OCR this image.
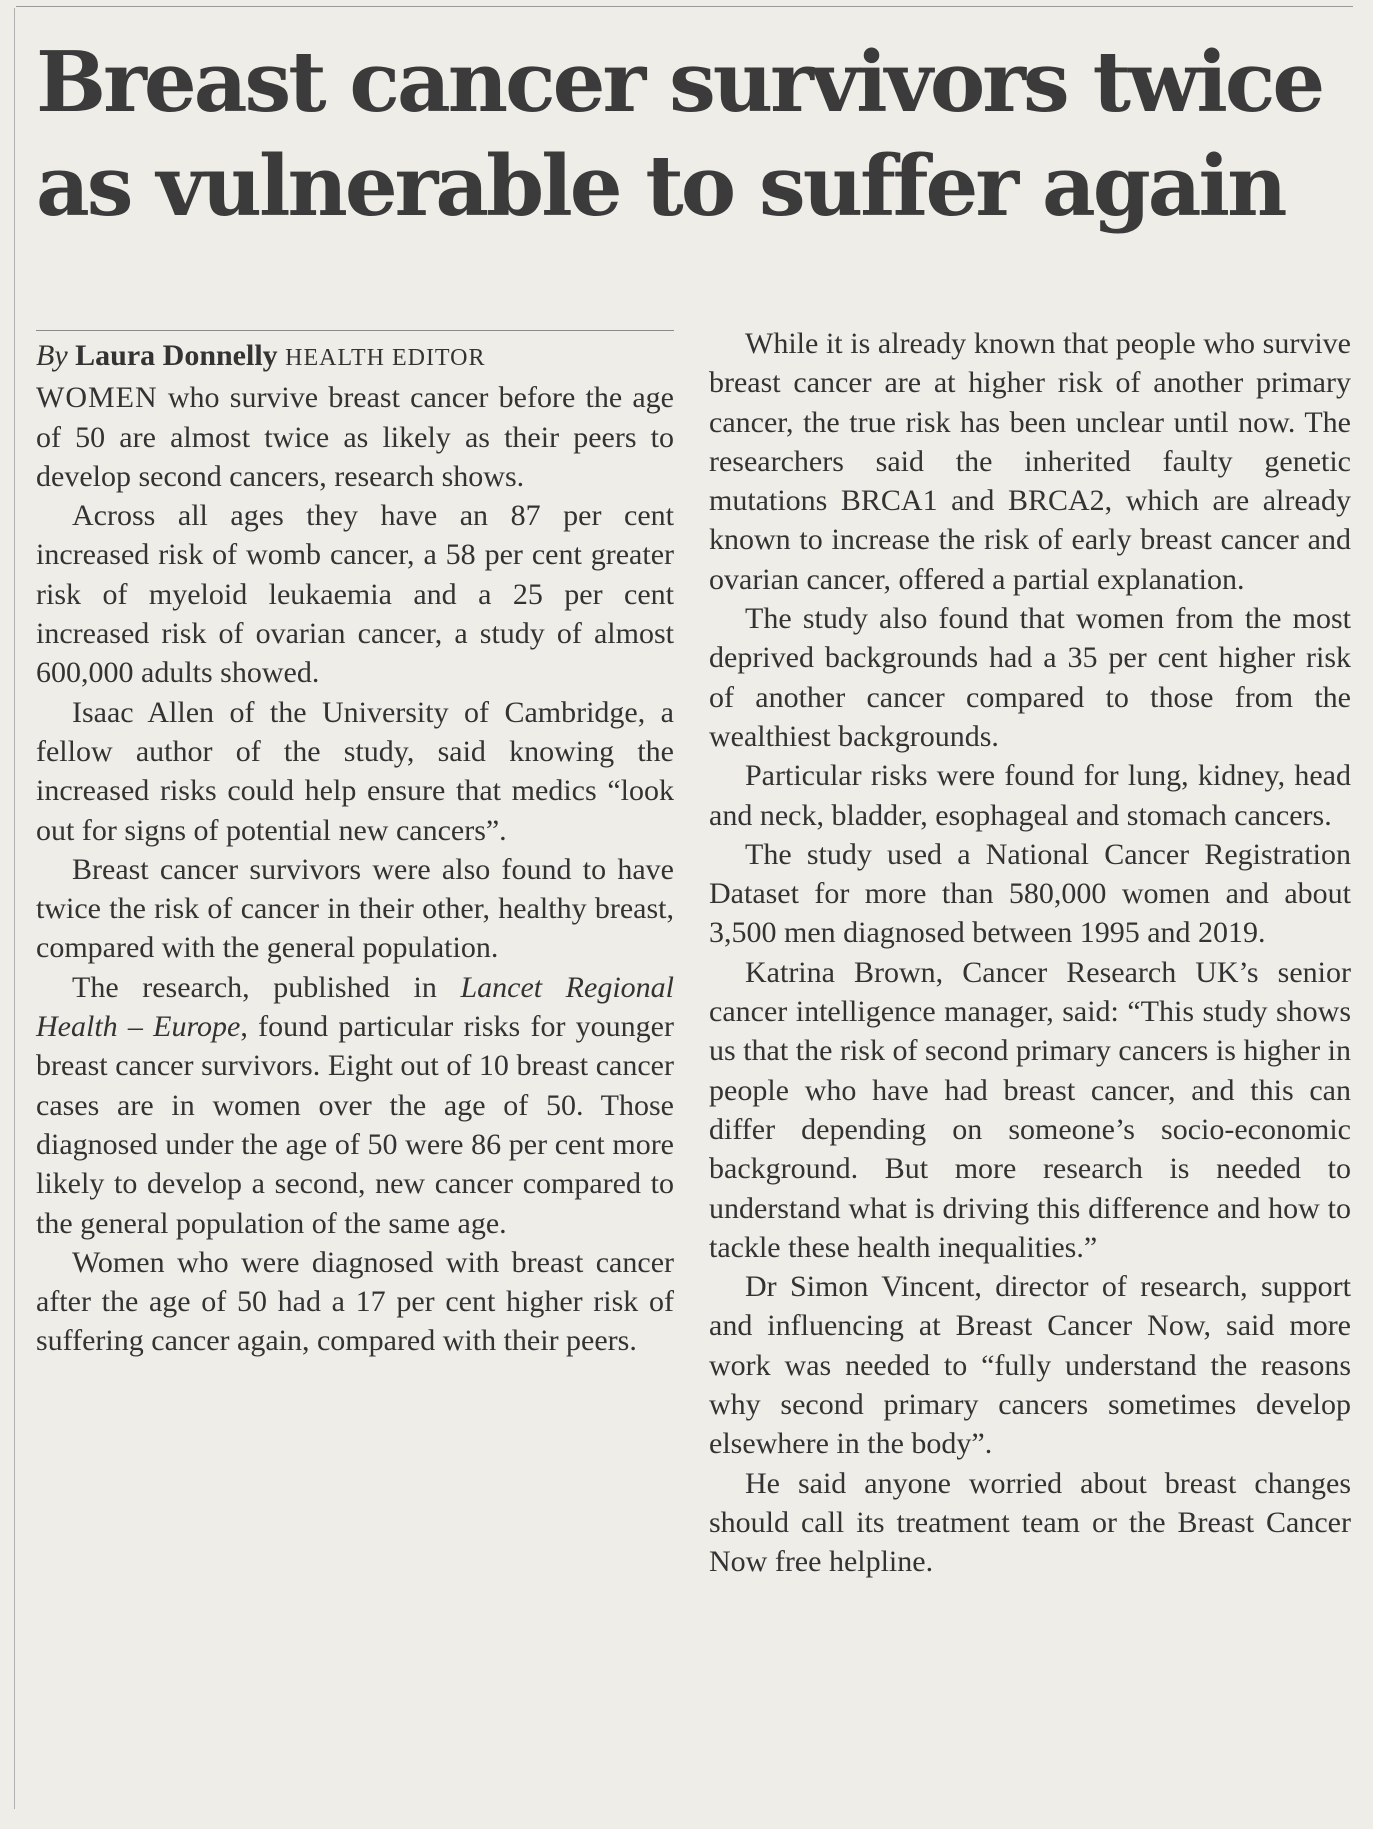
Breast cancer survivors twice
as vulnerable to suffer again

By Laura Donnelly HEALTH EDITOR

WOMEN who survive breast cancer before the age of 50 are almost twice as likely as their peers to develop second cancers, research shows.

Across all ages they have an 87 per cent increased risk of womb cancer, a 58 per cent greater risk of myeloid leukaemia and a 25 per cent increased risk of ovarian cancer, a study of almost 600,000 adults showed.

Isaac Allen of the University of Cambridge, a fellow author of the study, said knowing the increased risks could help ensure that medics “look out for signs of potential new cancers”.

Breast cancer survivors were also found to have twice the risk of cancer in their other, healthy breast, compared with the general population.

The research, published in Lancet Regional Health – Europe, found particular risks for younger breast cancer survivors. Eight out of 10 breast cancer cases are in women over the age of 50. Those diagnosed under the age of 50 were 86 per cent more likely to develop a second, new cancer compared to the general population of the same age.

Women who were diagnosed with breast cancer after the age of 50 had a 17 per cent higher risk of suffering cancer again, compared with their peers.

While it is already known that people who survive breast cancer are at higher risk of another primary cancer, the true risk has been unclear until now. The researchers said the inherited faulty genetic mutations BRCA1 and BRCA2, which are already known to increase the risk of early breast cancer and ovarian cancer, offered a partial explanation.

The study also found that women from the most deprived backgrounds had a 35 per cent higher risk of another cancer compared to those from the wealthiest backgrounds.

Particular risks were found for lung, kidney, head and neck, bladder, esophageal and stomach cancers.

The study used a National Cancer Registration Dataset for more than 580,000 women and about 3,500 men diagnosed between 1995 and 2019.

Katrina Brown, Cancer Research UK’s senior cancer intelligence manager, said: “This study shows us that the risk of second primary cancers is higher in people who have had breast cancer, and this can differ depending on someone’s socio-economic background. But more research is needed to understand what is driving this difference and how to tackle these health inequalities.”

Dr Simon Vincent, director of research, support and influencing at Breast Cancer Now, said more work was needed to “fully understand the reasons why second primary cancers sometimes develop elsewhere in the body”.

He said anyone worried about breast changes should call its treatment team or the Breast Cancer Now free helpline.
